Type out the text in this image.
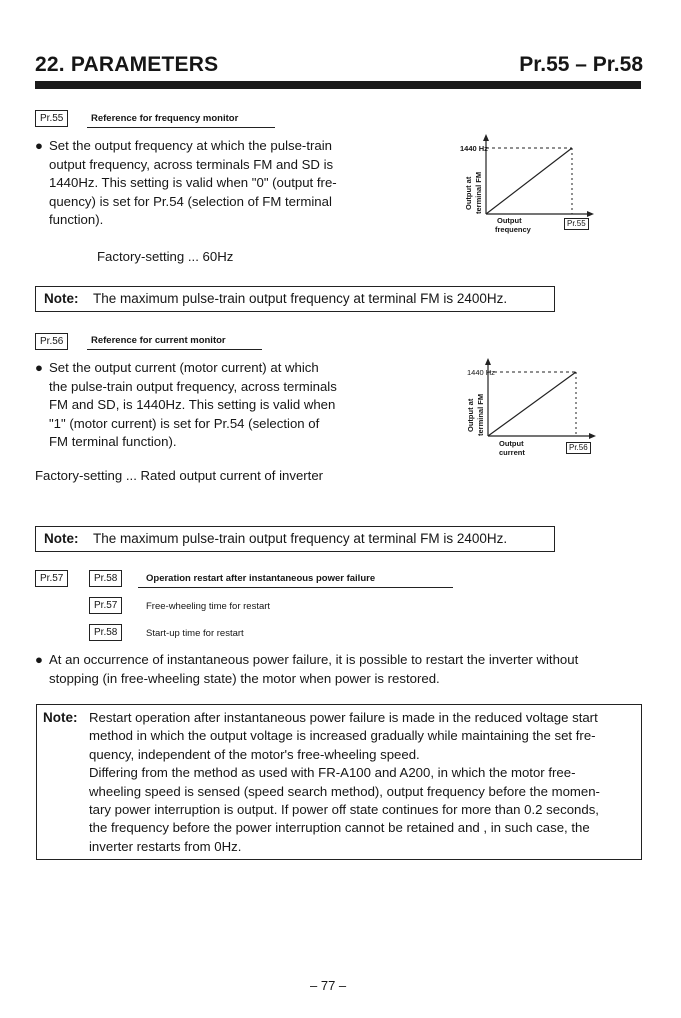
22. PARAMETERS	Pr.55 – Pr.58
Pr.55	Reference for frequency monitor
● Set the output frequency at which the pulse-train
output frequency, across terminals FM and SD is
1440Hz. This setting is valid when "0" (output fre-
quency) is set for Pr.54 (selection of FM terminal
function).
Factory-setting ... 60Hz
1440 Hz
Output at terminal FM
Output
frequency
Pr.55
Note: The maximum pulse-train output frequency at terminal FM is 2400Hz.
Pr.56	Reference for current monitor
● Set the output current (motor current) at which
the pulse-train output frequency, across terminals
FM and SD, is 1440Hz. This setting is valid when
"1" (motor current) is set for Pr.54 (selection of
FM terminal function).
Factory-setting ... Rated output current of inverter
1440 Hz
Output at terminal FM
Output
current
Pr.56
Note: The maximum pulse-train output frequency at terminal FM is 2400Hz.
Pr.57	Pr.58	Operation restart after instantaneous power failure
Pr.57	Free-wheeling time for restart
Pr.58	Start-up time for restart
● At an occurrence of instantaneous power failure, it is possible to restart the inverter without
stopping (in free-wheeling state) the motor when power is restored.
Note: Restart operation after instantaneous power failure is made in the reduced voltage start
method in which the output voltage is increased gradually while maintaining the set fre-
quency, independent of the motor's free-wheeling speed.
Differing from the method as used with FR-A100 and A200, in which the motor free-
wheeling speed is sensed (speed search method), output frequency before the momen-
tary power interruption is output. If power off state continues for more than 0.2 seconds,
the frequency before the power interruption cannot be retained and , in such case, the
inverter restarts from 0Hz.
– 77 –
